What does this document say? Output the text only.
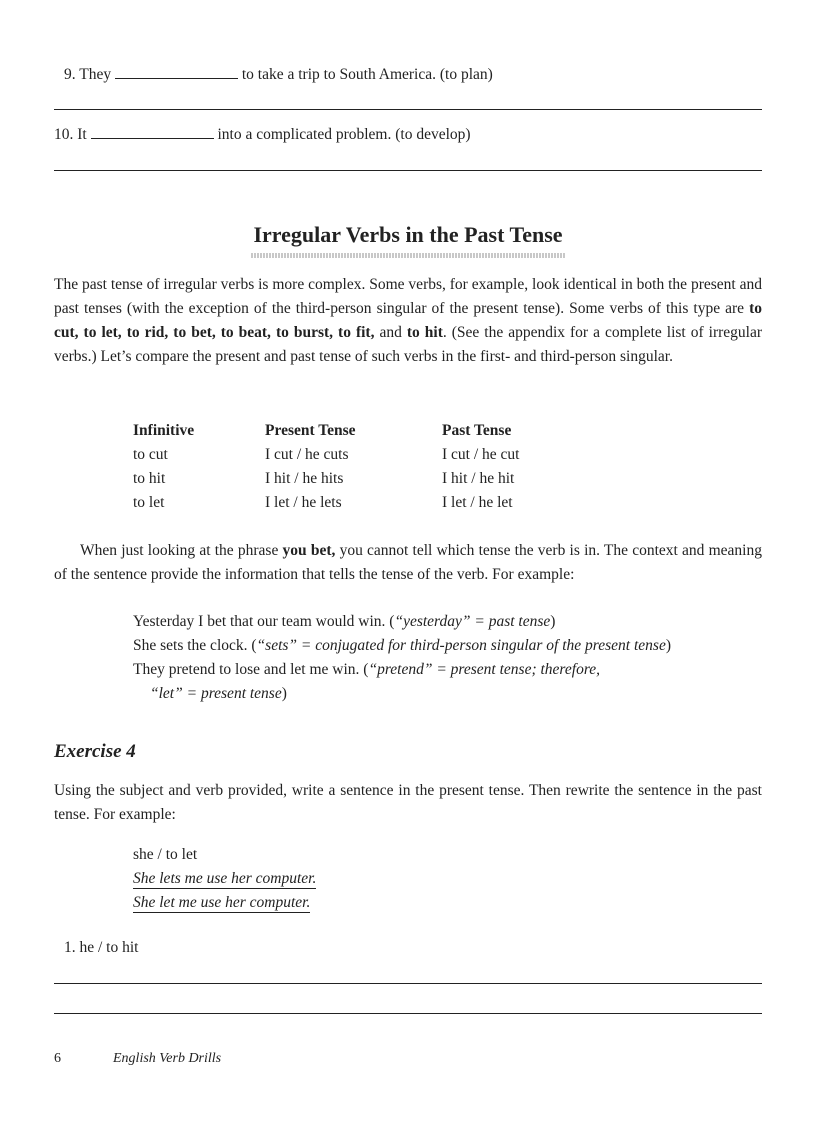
9. They	to take a trip to South America. (to plan)
10. It	into a complicated problem. (to develop)
Irregular Verbs in the Past Tense

The past tense of irregular verbs is more complex. Some verbs, for example, look identical in both the present and past tenses (with the exception of the third-person singular of the present tense). Some verbs of this type are to cut, to let, to rid, to bet, to beat, to burst, to fit, and to hit. (See the appendix for a complete list of irregular verbs.) Let’s compare the present and past tense of such verbs in the first- and third-person singular.

Infinitive	Present Tense	Past Tense
to cut	I cut / he cuts	I cut / he cut
to hit	I hit / he hits	I hit / he hit
to let	I let / he lets	I let / he let

When just looking at the phrase you bet, you cannot tell which tense the verb is in. The context and meaning of the sentence provide the information that tells the tense of the verb. For example:

Yesterday I bet that our team would win. (“yesterday” = past tense)
She sets the clock. (“sets” = conjugated for third-person singular of the present tense)
They pretend to lose and let me win. (“pretend” = present tense; therefore,
“let” = present tense)
Exercise 4
Using the subject and verb provided, write a sentence in the present tense. Then rewrite the sentence in the past tense. For example:
she / to let
She lets me use her computer.
She let me use her computer.
1. he / to hit
6	English Verb Drills
